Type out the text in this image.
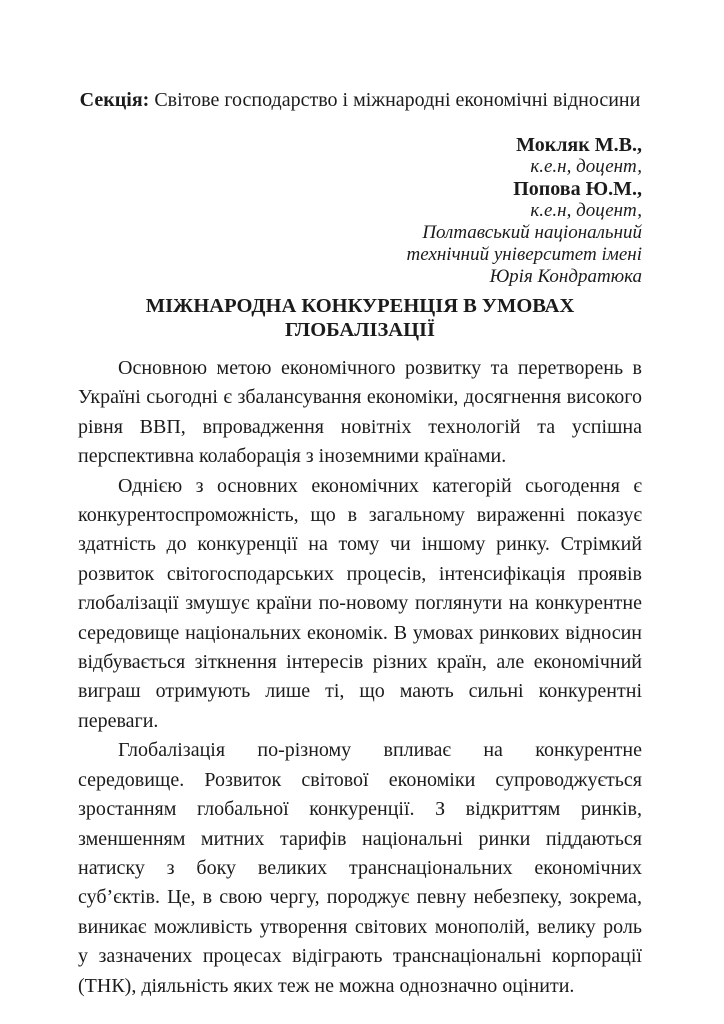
Секція: Світове господарство і міжнародні економічні відносини
Мокляк М.В.,
к.е.н, доцент,
Попова Ю.М.,
к.е.н, доцент,
Полтавський національний
технічний університет імені
Юрія Кондратюка
МІЖНАРОДНА КОНКУРЕНЦІЯ В УМОВАХ ГЛОБАЛІЗАЦІЇ

Основною метою економічного розвитку та перетворень в Україні сьогодні є збалансування економіки, досягнення високого рівня ВВП, впровадження новітніх технологій та успішна перспективна колаборація з іноземними країнами.

Однією з основних економічних категорій сьогодення є конкурентоспроможність, що в загальному вираженні показує здатність до конкуренції на тому чи іншому ринку. Стрімкий розвиток світогосподарських процесів, інтенсифікація проявів глобалізації змушує країни по-новому поглянути на конкурентне середовище національних економік. В умовах ринкових відносин відбувається зіткнення інтересів різних країн, але економічний виграш отримують лише ті, що мають сильні конкурентні переваги.

Глобалізація по-різному впливає на конкурентне середовище. Розвиток світової економіки супроводжується зростанням глобальної конкуренції. З відкриттям ринків, зменшенням митних тарифів національні ринки піддаються натиску з боку великих транснаціональних економічних суб’єктів. Це, в свою чергу, породжує певну небезпеку, зокрема, виникає можливість утворення світових монополій, велику роль у зазначених процесах відіграють транснаціональні корпорації (ТНК), діяльність яких теж не можна однозначно оцінити.
